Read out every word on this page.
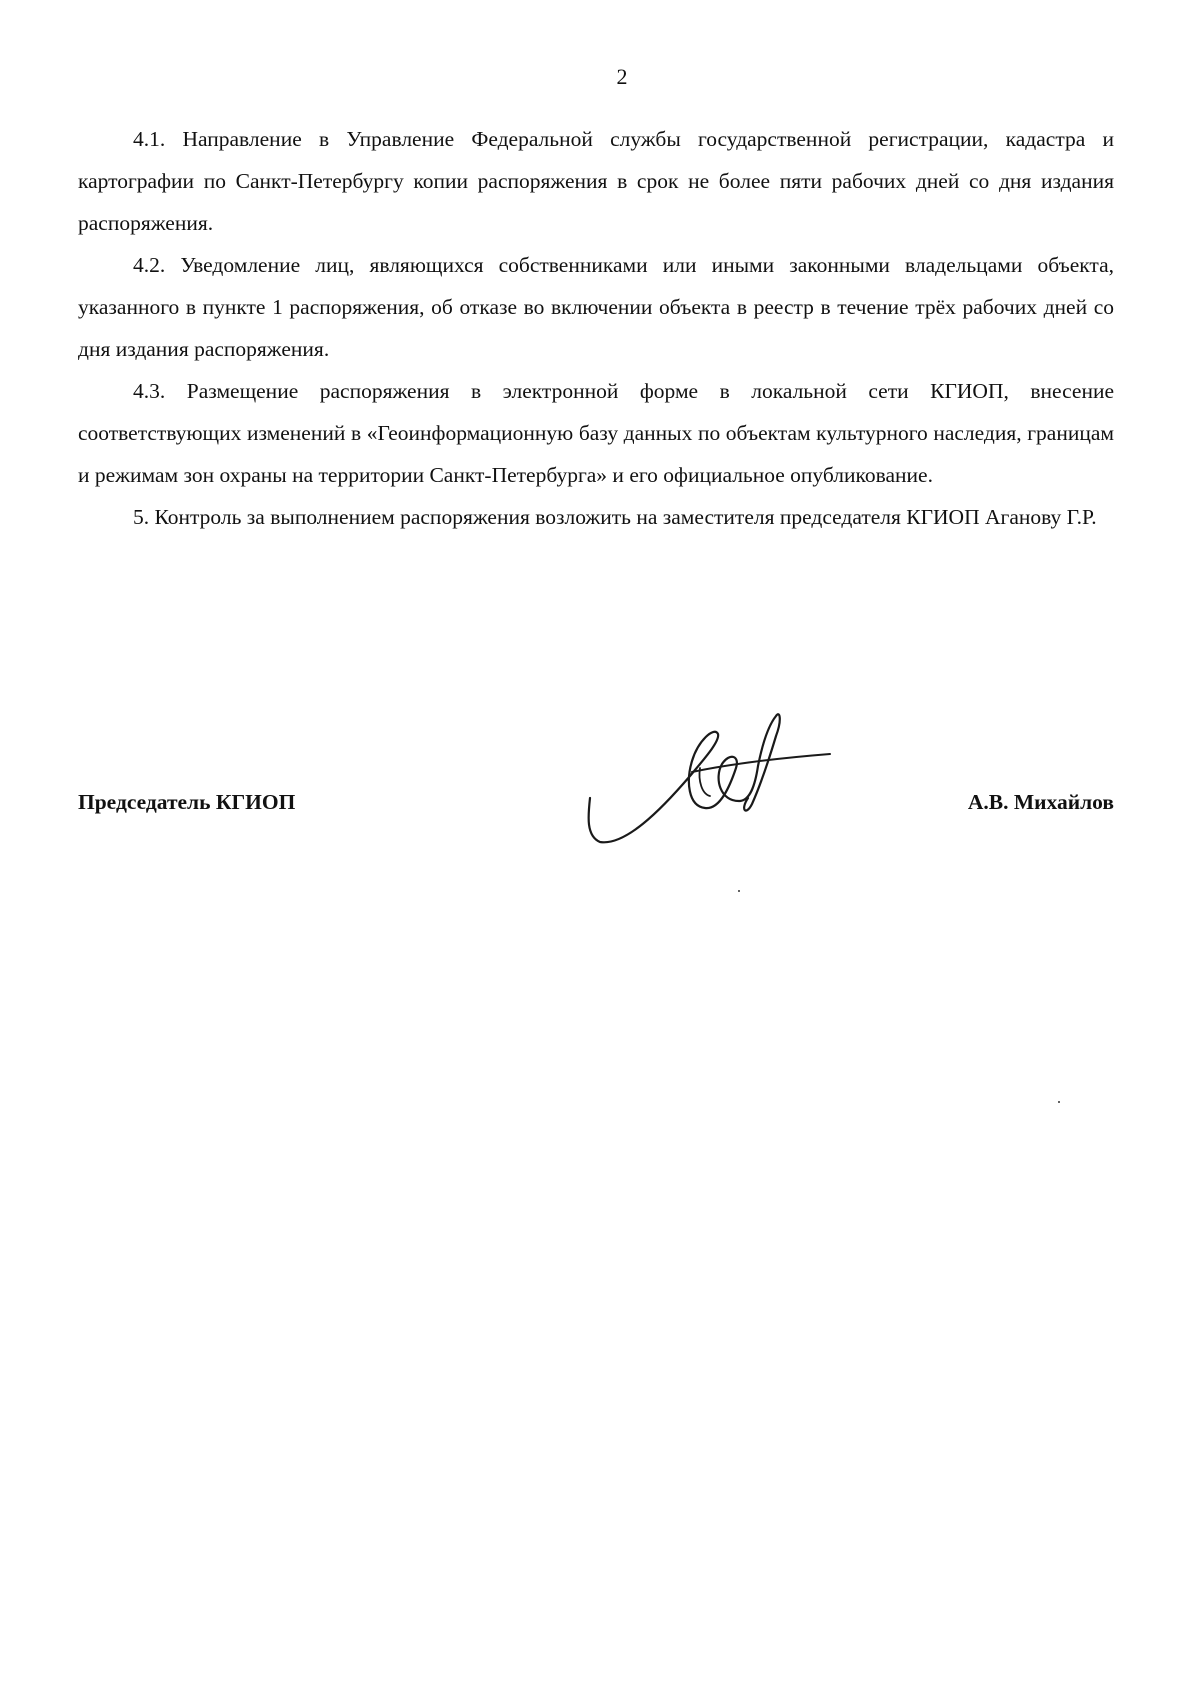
2

4.1. Направление в Управление Федеральной службы государственной регистрации, кадастра и картографии по Санкт-Петербургу копии распоряжения в срок не более пяти рабочих дней со дня издания распоряжения.

4.2. Уведомление лиц, являющихся собственниками или иными законными владельцами объекта, указанного в пункте 1 распоряжения, об отказе во включении объекта в реестр в течение трёх рабочих дней со дня издания распоряжения.

4.3. Размещение распоряжения в электронной форме в локальной сети КГИОП, внесение соответствующих изменений в «Геоинформационную базу данных по объектам культурного наследия, границам и режимам зон охраны на территории Санкт-Петербурга» и его официальное опубликование.

5. Контроль за выполнением распоряжения возложить на заместителя председателя КГИОП Аганову Г.Р.

Председатель КГИОП	А.В. Михайлов
